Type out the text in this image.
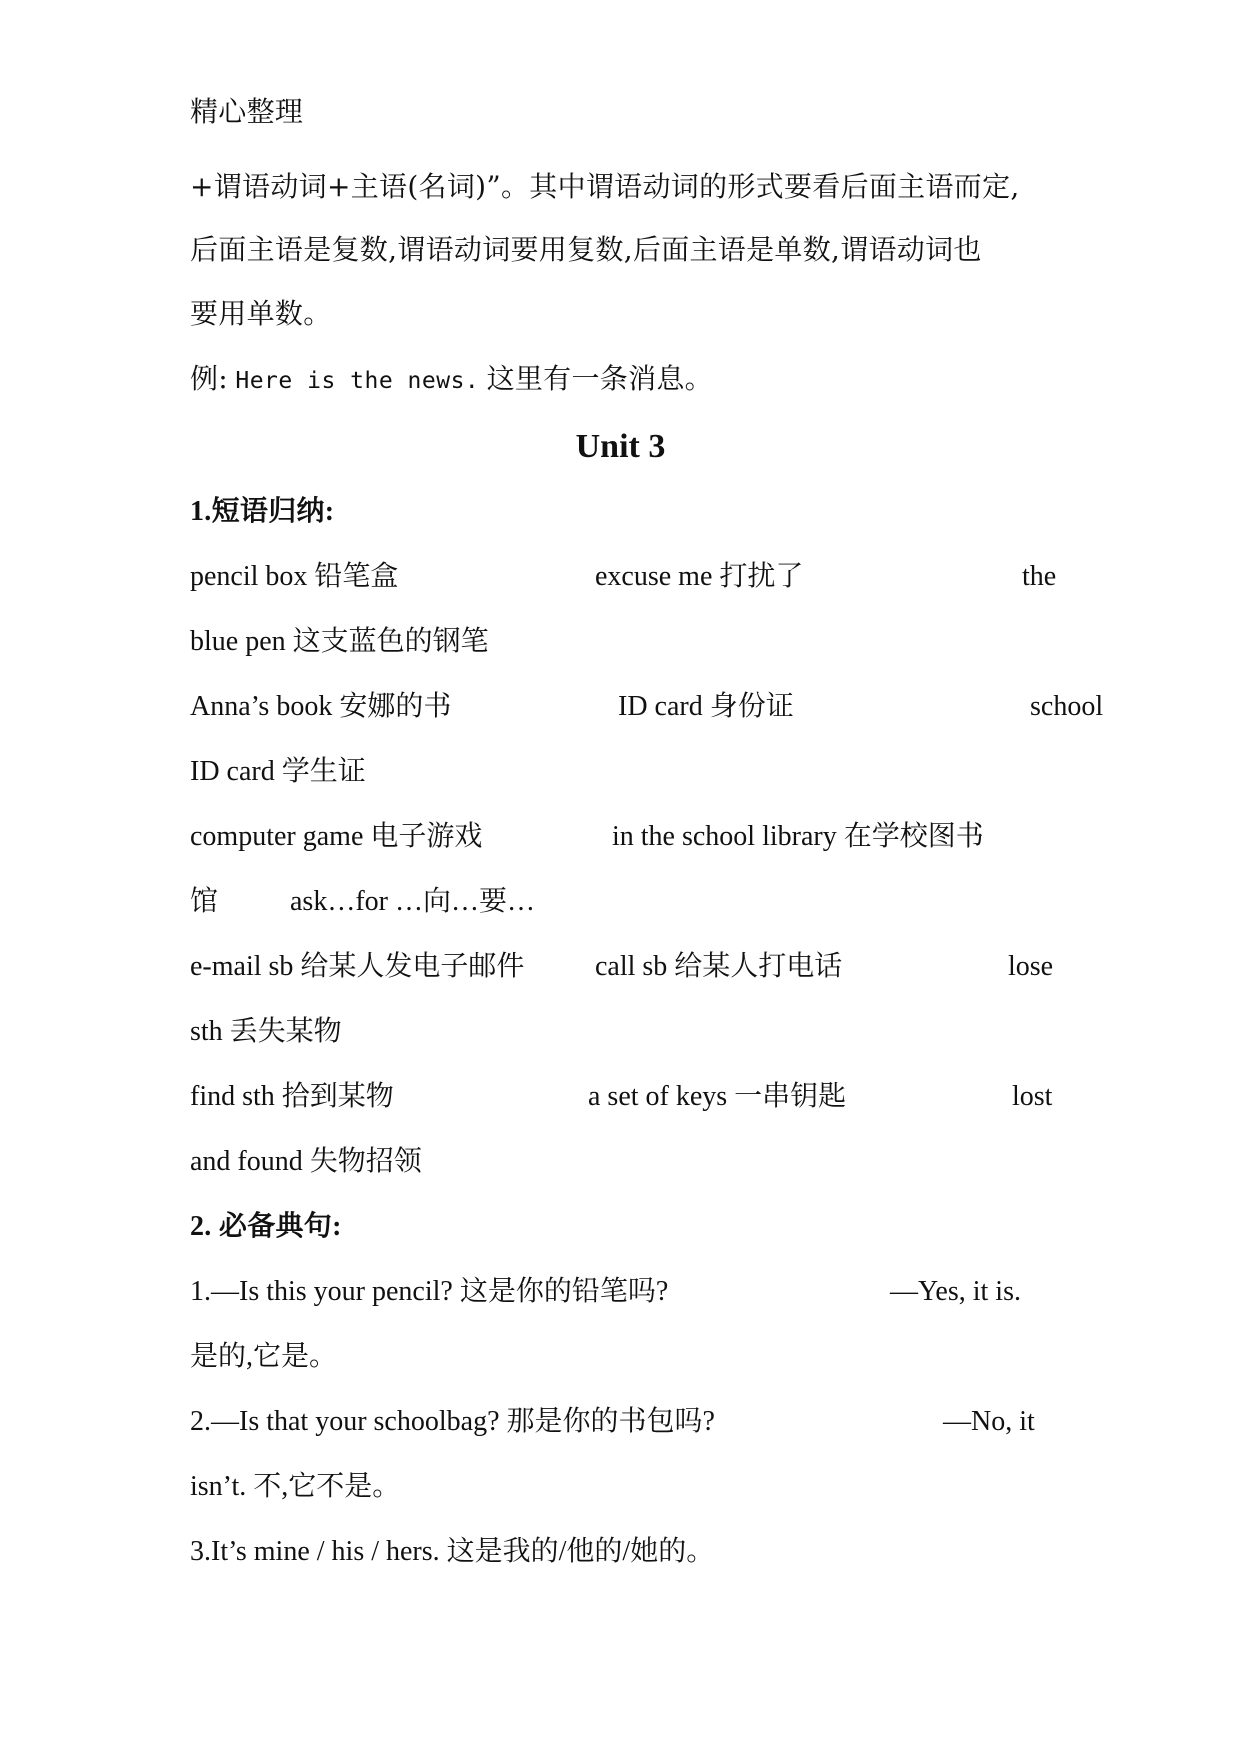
精心整理
+谓语动词+主语(名词)”。其中谓语动词的形式要看后面主语而定,
后面主语是复数,谓语动词要用复数,后面主语是单数,谓语动词也
要用单数。
例: Here is the news. 这里有一条消息。
Unit 3
1.短语归纳:
pencil box 铅笔盒	excuse me 打扰了	the
blue pen 这支蓝色的钢笔
Anna’s book 安娜的书	ID card 身份证	school
ID card 学生证
computer game 电子游戏	in the school library 在学校图书
馆	ask…for …向…要…
e-mail sb 给某人发电子邮件	call sb 给某人打电话	lose
sth 丢失某物
find sth 拾到某物	a set of keys 一串钥匙	lost
and found 失物招领
2. 必备典句:
1.—Is this your pencil? 这是你的铅笔吗?	—Yes, it is.
是的,它是。
2.—Is that your schoolbag? 那是你的书包吗?	—No, it
isn’t. 不,它不是。
3.It’s mine / his / hers. 这是我的/他的/她的。
